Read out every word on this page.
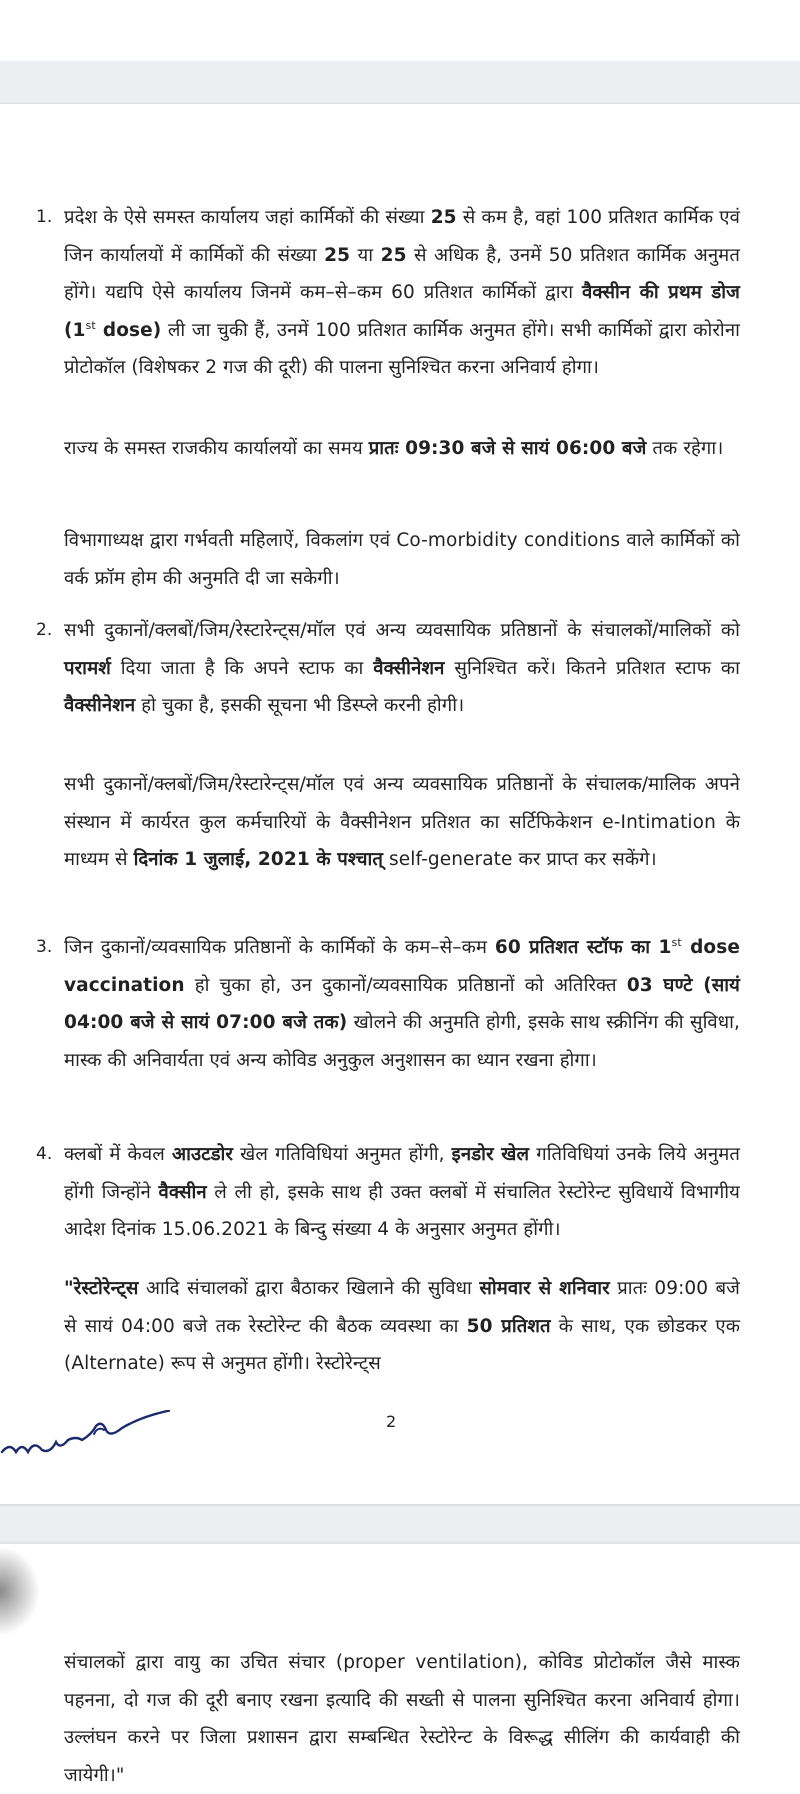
1. प्रदेश के ऐसे समस्त कार्यालय जहां कार्मिकों की संख्या 25 से कम है, वहां 100 प्रतिशत कार्मिक एवं जिन कार्यालयों में कार्मिकों की संख्या 25 या 25 से अधिक है, उनमें 50 प्रतिशत कार्मिक अनुमत होंगे। यद्यपि ऐसे कार्यालय जिनमें कम–से–कम 60 प्रतिशत कार्मिकों द्वारा वैक्सीन की प्रथम डोज (1st dose) ली जा चुकी हैं, उनमें 100 प्रतिशत कार्मिक अनुमत होंगे। सभी कार्मिकों द्वारा कोरोना प्रोटोकॉल (विशेषकर 2 गज की दूरी) की पालना सुनिश्चित करना अनिवार्य होगा।

राज्य के समस्त राजकीय कार्यालयों का समय प्रातः 09:30 बजे से सायं 06:00 बजे तक रहेगा।

विभागाध्यक्ष द्वारा गर्भवती महिलाऐं, विकलांग एवं Co-morbidity conditions वाले कार्मिकों को वर्क फ्रॉम होम की अनुमति दी जा सकेगी।

2. सभी दुकानों/क्लबों/जिम/रेस्टारेन्ट्स/मॉल एवं अन्य व्यवसायिक प्रतिष्ठानों के संचालकों/मालिकों को परामर्श दिया जाता है कि अपने स्टाफ का वैक्सीनेशन सुनिश्चित करें। कितने प्रतिशत स्टाफ का वैक्सीनेशन हो चुका है, इसकी सूचना भी डिस्प्ले करनी होगी।

सभी दुकानों/क्लबों/जिम/रेस्टारेन्ट्स/मॉल एवं अन्य व्यवसायिक प्रतिष्ठानों के संचालक/मालिक अपने संस्थान में कार्यरत कुल कर्मचारियों के वैक्सीनेशन प्रतिशत का सर्टिफिकेशन e-Intimation के माध्यम से दिनांक 1 जुलाई, 2021 के पश्चात् self-generate कर प्राप्त कर सकेंगे।

3. जिन दुकानों/व्यवसायिक प्रतिष्ठानों के कार्मिकों के कम–से–कम 60 प्रतिशत स्टॉफ का 1st dose vaccination हो चुका हो, उन दुकानों/व्यवसायिक प्रतिष्ठानों को अतिरिक्त 03 घण्टे (सायं 04:00 बजे से सायं 07:00 बजे तक) खोलने की अनुमति होगी, इसके साथ स्क्रीनिंग की सुविधा, मास्क की अनिवार्यता एवं अन्य कोविड अनुकुल अनुशासन का ध्यान रखना होगा।

4. क्लबों में केवल आउटडोर खेल गतिविधियां अनुमत होंगी, इनडोर खेल गतिविधियां उनके लिये अनुमत होंगी जिन्होंने वैक्सीन ले ली हो, इसके साथ ही उक्त क्लबों में संचालित रेस्टोरेन्ट सुविधायें विभागीय आदेश दिनांक 15.06.2021 के बिन्दु संख्या 4 के अनुसार अनुमत होंगी।

"रेस्टोरेन्ट्स आदि संचालकों द्वारा बैठाकर खिलाने की सुविधा सोमवार से शनिवार प्रातः 09:00 बजे से सायं 04:00 बजे तक रेस्टोरेन्ट की बैठक व्यवस्था का 50 प्रतिशत के साथ, एक छोडकर एक (Alternate) रूप से अनुमत होंगी। रेस्टोरेन्ट्स

2

संचालकों द्वारा वायु का उचित संचार (proper ventilation), कोविड प्रोटोकॉल जैसे मास्क पहनना, दो गज की दूरी बनाए रखना इत्यादि की सख्ती से पालना सुनिश्चित करना अनिवार्य होगा। उल्लंघन करने पर जिला प्रशासन द्वारा सम्बन्धित रेस्टोरेन्ट के विरूद्ध सीलिंग की कार्यवाही की जायेगी।"
